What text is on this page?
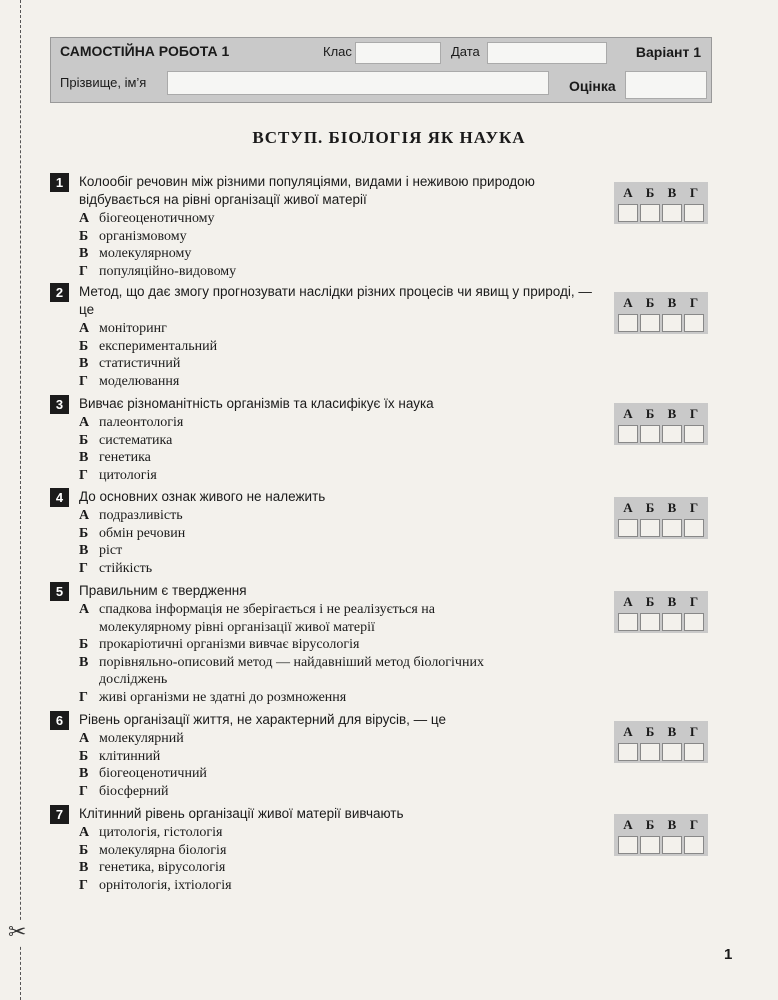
✂
САМОСТІЙНА РОБОТА 1	Клас	Дата	Варіант 1
Прізвище, ім’я	Оцінка
ВСТУП. БІОЛОГІЯ ЯК НАУКА
1	Колообіг речовин між різними популяціями, видами і неживою природою відбувається на рівні організації живої матерії
А біогеоценотичному
Б організмовому
В молекулярному
Г популяційно-видовому
А	Б	В	Г
2	Метод, що дає змогу прогнозувати наслідки різних процесів чи явищ у природі, — це
А моніторинг
Б експериментальний
В статистичний
Г моделювання
А	Б	В	Г
3	Вивчає різноманітність організмів та класифікує їх наука
А палеонтологія
Б систематика
В генетика
Г цитологія
А	Б	В	Г
4	До основних ознак живого не належить
А подразливість
Б обмін речовин
В ріст
Г стійкість
А	Б	В	Г
5	Правильним є твердження
А спадкова інформація не зберігається і не реалізується на молекулярному рівні організації живої матерії
Б прокаріотичні організми вивчає вірусологія
В порівняльно-описовий метод — найдавніший метод біологічних досліджень
Г живі організми не здатні до розмноження
А	Б	В	Г
6	Рівень організації життя, не характерний для вірусів, — це
А молекулярний
Б клітинний
В біогеоценотичний
Г біосферний
А	Б	В	Г
7	Клітинний рівень організації живої матерії вивчають
А цитологія, гістологія
Б молекулярна біологія
В генетика, вірусологія
Г орнітологія, іхтіологія
А	Б	В	Г
1
